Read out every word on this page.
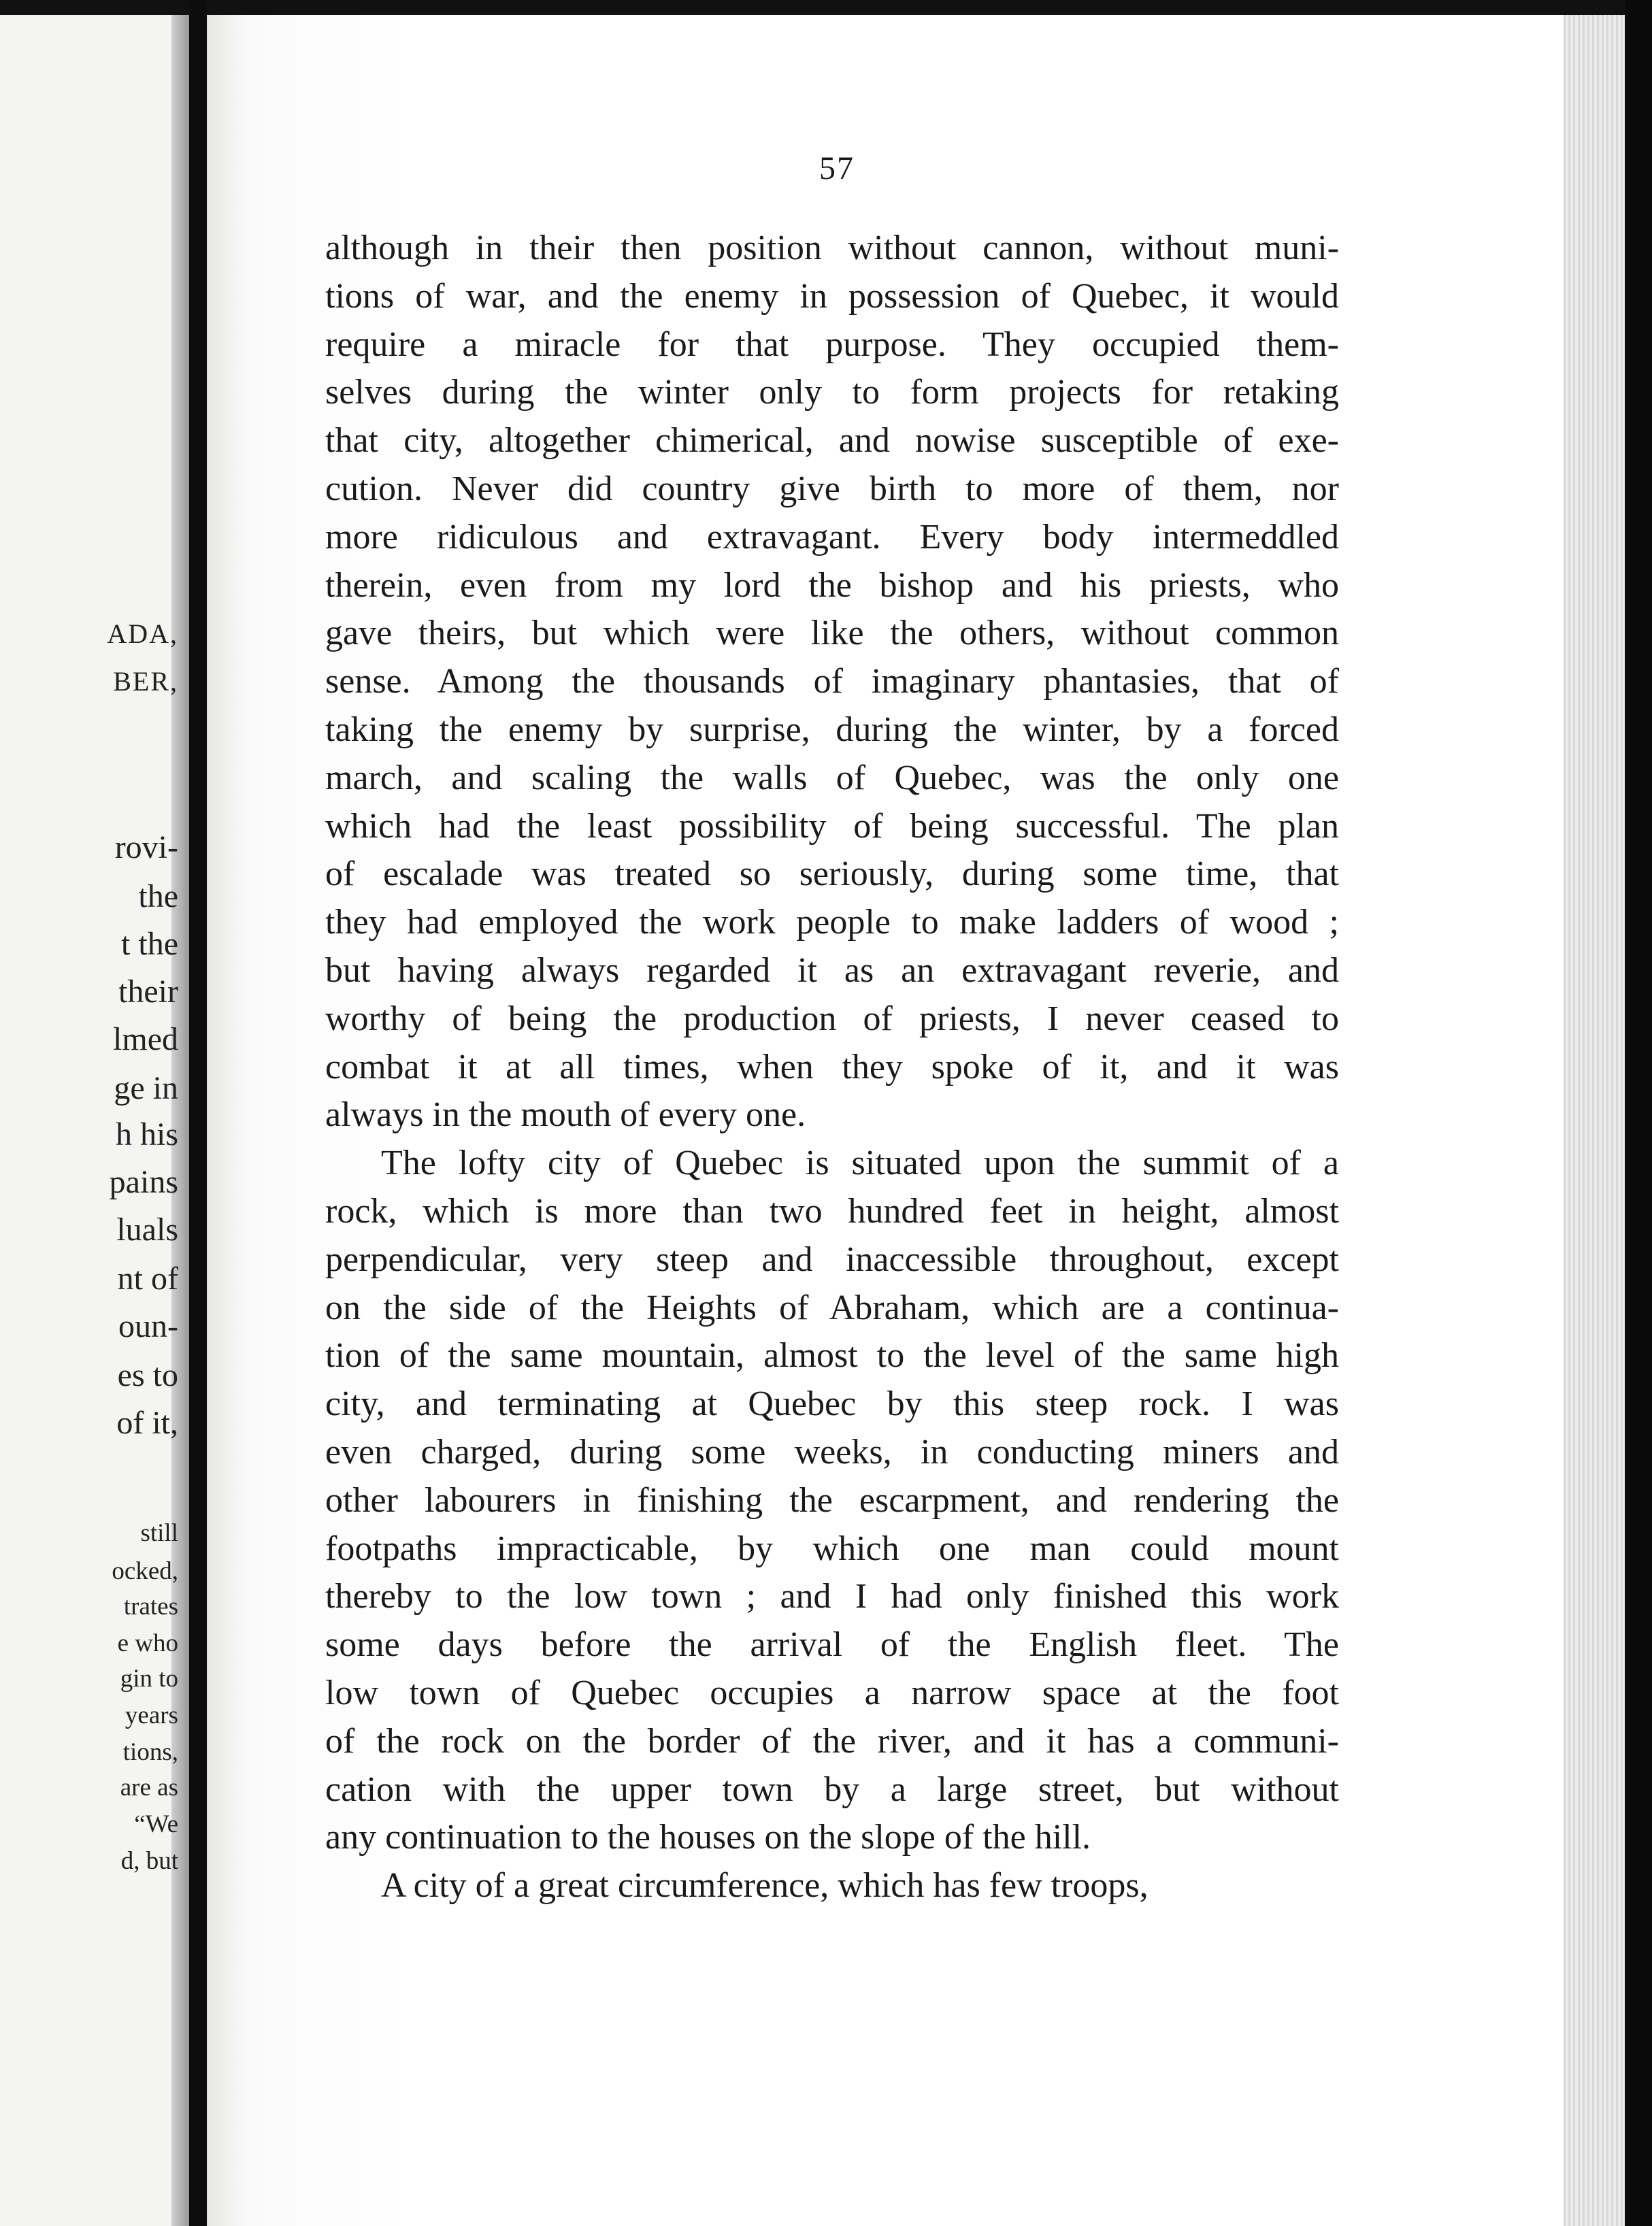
ADA,
BER,
rovi-
the
t the
their
lmed
ge in
h his
pains
luals
nt of
oun-
es to
of it,
still
ocked,
trates
e who
gin to
years
tions,
are as
“We
d, but
57
although in their then position without cannon, without muni-
tions of war, and the enemy in possession of Quebec, it would
require a miracle for that purpose. They occupied them-
selves during the winter only to form projects for retaking
that city, altogether chimerical, and nowise susceptible of exe-
cution. Never did country give birth to more of them, nor
more ridiculous and extravagant. Every body intermeddled
therein, even from my lord the bishop and his priests, who
gave theirs, but which were like the others, without common
sense. Among the thousands of imaginary phantasies, that of
taking the enemy by surprise, during the winter, by a forced
march, and scaling the walls of Quebec, was the only one
which had the least possibility of being successful. The plan
of escalade was treated so seriously, during some time, that
they had employed the work people to make ladders of wood ;
but having always regarded it as an extravagant reverie, and
worthy of being the production of priests, I never ceased to
combat it at all times, when they spoke of it, and it was
always in the mouth of every one.
The lofty city of Quebec is situated upon the summit of a
rock, which is more than two hundred feet in height, almost
perpendicular, very steep and inaccessible throughout, except
on the side of the Heights of Abraham, which are a continua-
tion of the same mountain, almost to the level of the same high
city, and terminating at Quebec by this steep rock. I was
even charged, during some weeks, in conducting miners and
other labourers in finishing the escarpment, and rendering the
footpaths impracticable, by which one man could mount
thereby to the low town ; and I had only finished this work
some days before the arrival of the English fleet. The
low town of Quebec occupies a narrow space at the foot
of the rock on the border of the river, and it has a communi-
cation with the upper town by a large street, but without
any continuation to the houses on the slope of the hill.
A city of a great circumference, which has few troops,
